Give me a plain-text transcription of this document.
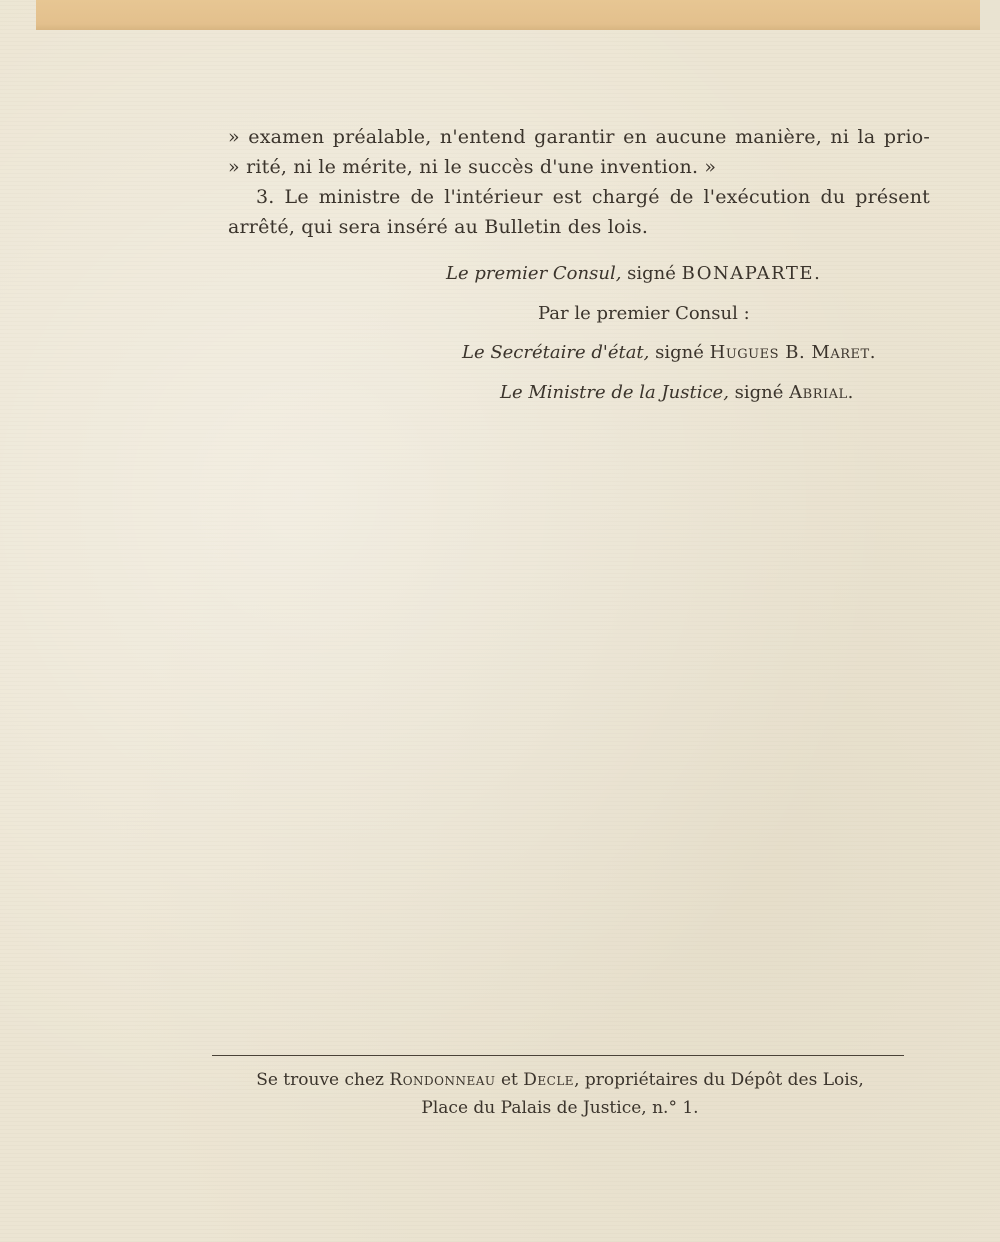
» examen préalable, n'entend garantir en aucune manière, ni la prio-
» rité, ni le mérite, ni le succès d'une invention. »
3. Le ministre de l'intérieur est chargé de l'exécution du présent
arrêté, qui sera inséré au Bulletin des lois.
Le premier Consul, signé BONAPARTE.
Par le premier Consul :
Le Secrétaire d'état, signé Hugues B. Maret.
Le Ministre de la Justice, signé Abrial.
Se trouve chez Rondonneau et Decle, propriétaires du Dépôt des Lois,
Place du Palais de Justice, n.° 1.
